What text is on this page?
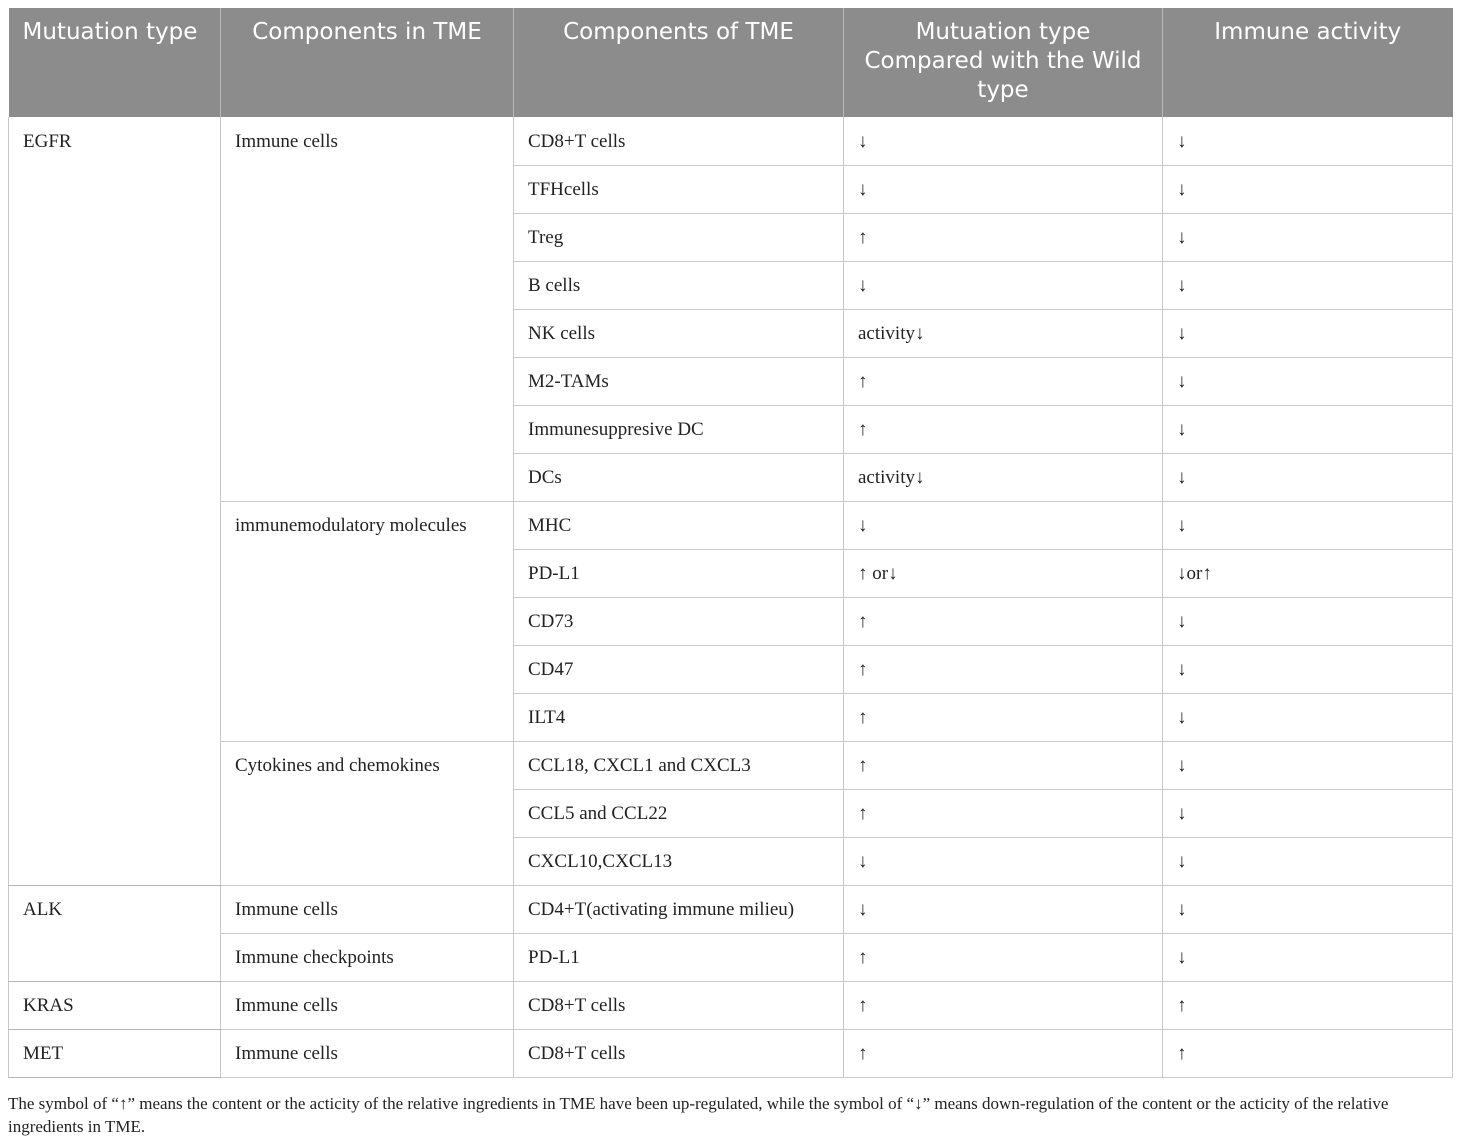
Mutuation type	Components in TME	Components of TME	Mutuation type Compared with the Wild type	Immune activity
EGFR	Immune cells	CD8+T cells	↓	↓
		TFHcells	↓	↓
		Treg	↑	↓
		B cells	↓	↓
		NK cells	activity↓	↓
		M2-TAMs	↑	↓
		Immunesuppresive DC	↑	↓
		DCs	activity↓	↓
	immunemodulatory molecules	MHC	↓	↓
		PD-L1	↑ or↓	↓or↑
		CD73	↑	↓
		CD47	↑	↓
		ILT4	↑	↓
	Cytokines and chemokines	CCL18, CXCL1 and CXCL3	↑	↓
		CCL5 and CCL22	↑	↓
		CXCL10,CXCL13	↓	↓
ALK	Immune cells	CD4+T(activating immune milieu)	↓	↓
	Immune checkpoints	PD-L1	↑	↓
KRAS	Immune cells	CD8+T cells	↑	↑
MET	Immune cells	CD8+T cells	↑	↑
The symbol of “↑” means the content or the acticity of the relative ingredients in TME have been up-regulated, while the symbol of “↓” means down-regulation of the content or the acticity of the relative ingredients in TME.
